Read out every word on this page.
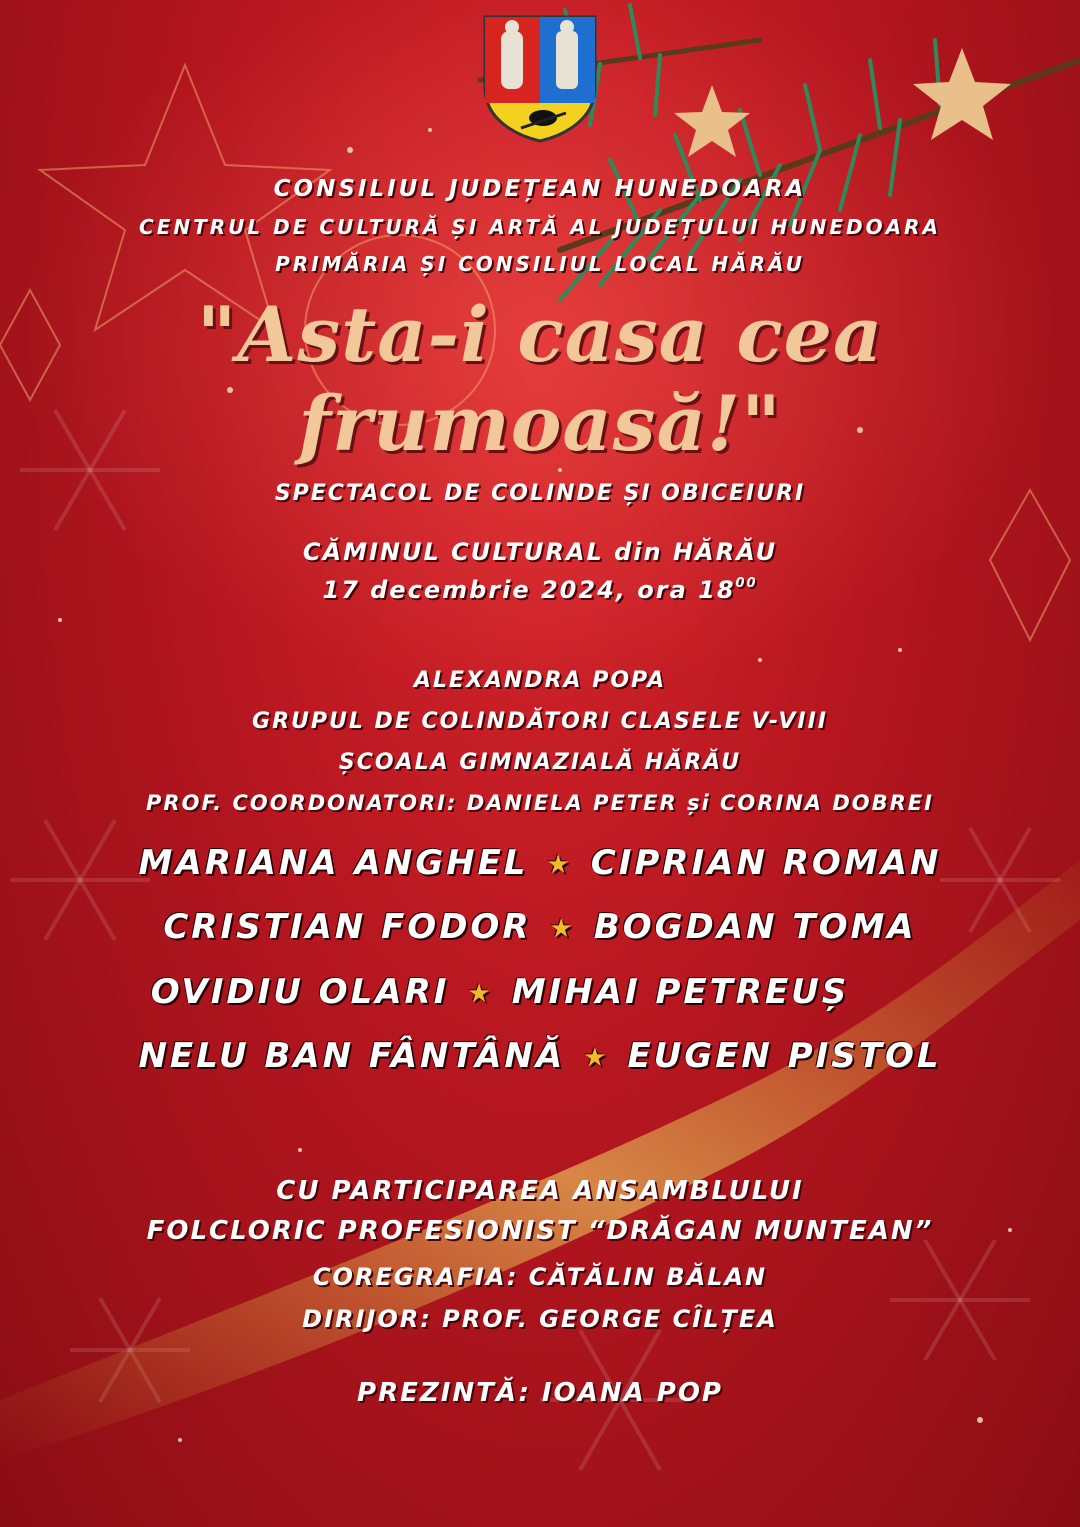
CONSILIUL JUDEȚEAN HUNEDOARA
CENTRUL DE CULTURĂ ȘI ARTĂ AL JUDEȚULUI HUNEDOARA
PRIMĂRIA ȘI CONSILIUL LOCAL HĂRĂU
"Asta-i casa cea frumoasă!"
SPECTACOL DE COLINDE ȘI OBICEIURI
CĂMINUL CULTURAL din HĂRĂU
17 decembrie 2024, ora $18^{00}$
ALEXANDRA POPA
GRUPUL DE COLINDĂTORI CLASELE V-VIII
ȘCOALA GIMNAZIALĂ HĂRĂU
PROF. COORDONATORI: DANIELA PETER și CORINA DOBREI
MARIANA ANGHEL ★ CIPRIAN ROMAN
CRISTIAN FODOR ★ BOGDAN TOMA
OVIDIU OLARI ★ MIHAI PETREUȘ
NELU BAN FÂNTÂNĂ ★ EUGEN PISTOL
CU PARTICIPAREA ANSAMBLULUI
FOLCLORIC PROFESIONIST “DRĂGAN MUNTEAN”
COREGRAFIA: CĂTĂLIN BĂLAN
DIRIJOR: PROF. GEORGE CÎLȚEA
PREZINTĂ: IOANA POP
